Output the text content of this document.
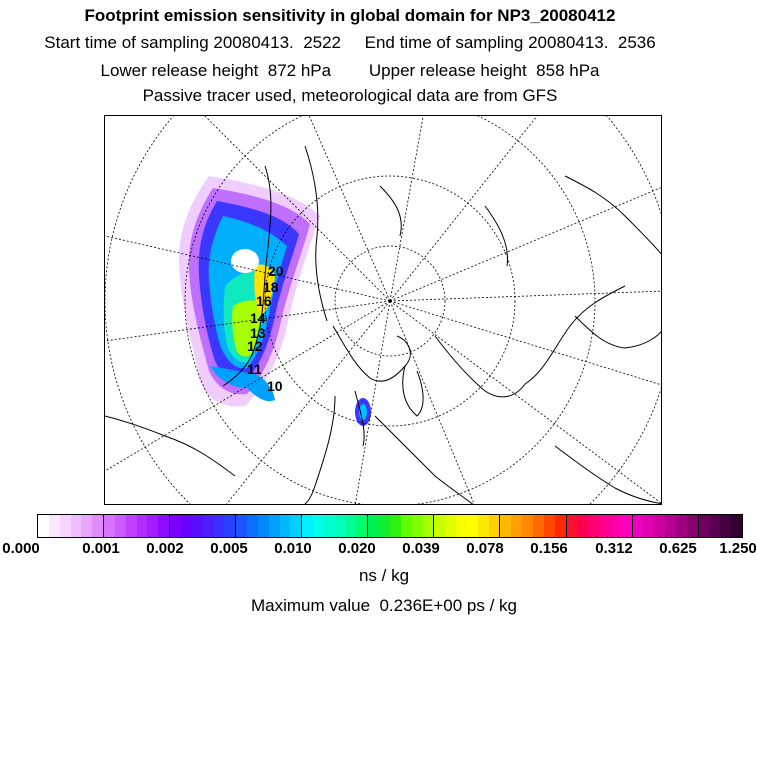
Footprint emission sensitivity in global domain for NP3_20080412
Start time of sampling 20080413.  2522     End time of sampling 20080413.  2536
Lower release height  872 hPa        Upper release height  858 hPa
Passive tracer used, meteorological data are from GFS
20
18
16
14
13
12
11
10
0.000	0.001 0.002 0.005 0.010 0.020 0.039 0.078 0.156 0.312 0.625 1.250
ns / kg
Maximum value  0.236E+00 ps / kg
